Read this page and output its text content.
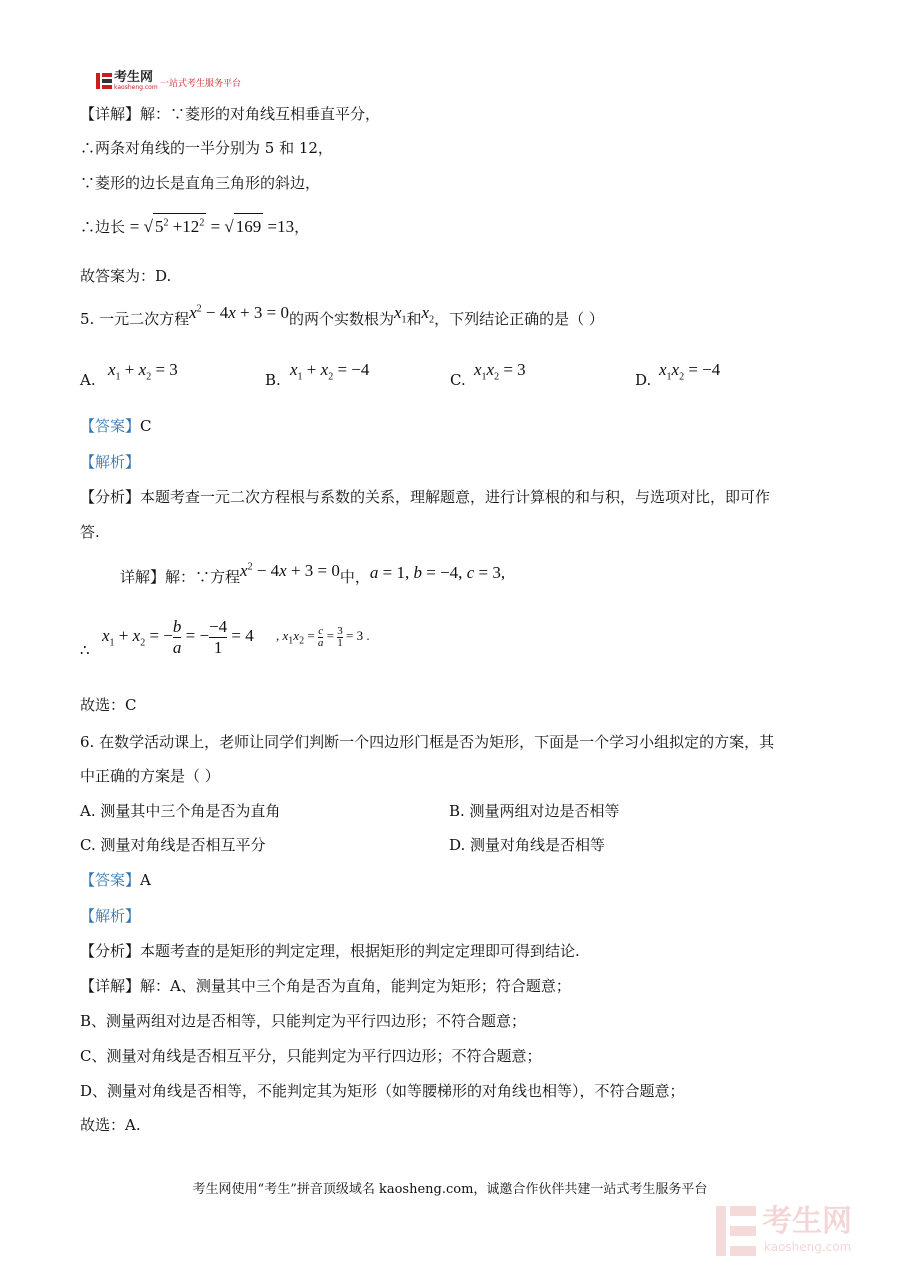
考生网
kaosheng.com 一站式考生服务平台
【详解】解：∵菱形的对角线互相垂直平分，
∴两条对角线的一半分别为 5 和 12，
∵菱形的边长是直角三角形的斜边，
∴边长 = √ $5^2 +12^2$ = √ 169 =13，
故答案为：D.
5. 一元二次方程$x^2 - 4x + 3 = 0$的两个实数根为$x_1$和$x_2$，下列结论正确的是（ ）
A.
$x_1 + x_2 = 3$
B.
$x_1 + x_2 = -4$
C.
$x_1x_2 = 3$
D.
$x_1x_2 = -4$
【答案】C
【解析】
【分析】本题考查一元二次方程根与系数的关系，理解题意，进行计算根的和与积，与选项对比，即可作
答.
详解】解：∵方程$x^2 - 4x + 3 = 0$中，a = 1, b = −4, c = 3,
∴
$x_1 + x_2$ = − $\frac{b}{a}$ = − $\frac{-4}{1} = 4$ , $x_1x_2 = \frac{c}{a} = \frac{3}{1} = 3$ .
故选：C
6. 在数学活动课上，老师让同学们判断一个四边形门框是否为矩形，下面是一个学习小组拟定的方案，其
中正确的方案是（ ）
A. 测量其中三个角是否为直角	B. 测量两组对边是否相等
C. 测量对角线是否相互平分	D. 测量对角线是否相等
【答案】A
【解析】
【分析】本题考查的是矩形的判定定理，根据矩形的判定定理即可得到结论.
【详解】解：A、测量其中三个角是否为直角，能判定为矩形；符合题意；
B、测量两组对边是否相等，只能判定为平行四边形；不符合题意；
C、测量对角线是否相互平分，只能判定为平行四边形；不符合题意；
D、测量对角线是否相等，不能判定其为矩形（如等腰梯形的对角线也相等），不符合题意；
故选：A.
考生网使用“考生”拼音顶级域名 kaosheng.com，诚邀合作伙伴共建一站式考生服务平台
考生网
kaosheng.com
